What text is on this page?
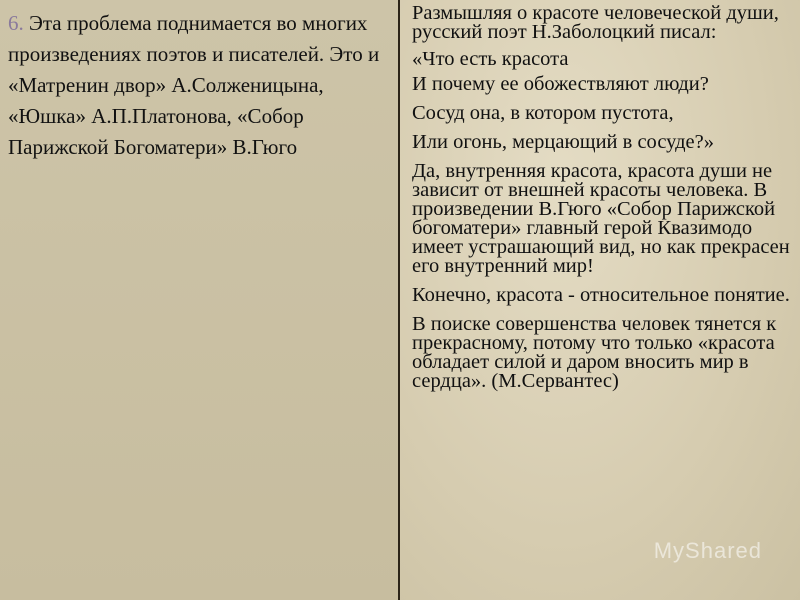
6. Эта проблема поднимается во многих произведениях поэтов и писателей. Это и «Матренин двор» А.Солженицына, «Юшка» А.П.Платонова, «Собор Парижской Богоматери» В.Гюго

Размышляя о красоте человеческой души, русский поэт Н.Заболоцкий писал:

«Что есть красота

И почему ее обожествляют люди?

Сосуд она, в котором пустота,

Или огонь, мерцающий в сосуде?»

Да, внутренняя красота, красота души не зависит от внешней красоты человека. В произведении В.Гюго «Собор Парижской богоматери» главный герой Квазимодо имеет устрашающий вид, но как прекрасен его внутренний мир!

Конечно, красота - относительное понятие.

В поиске совершенства человек тянется к прекрасному, потому что только «красота обладает силой и даром вносить мир в сердца». (М.Сервантес)

MyShared
